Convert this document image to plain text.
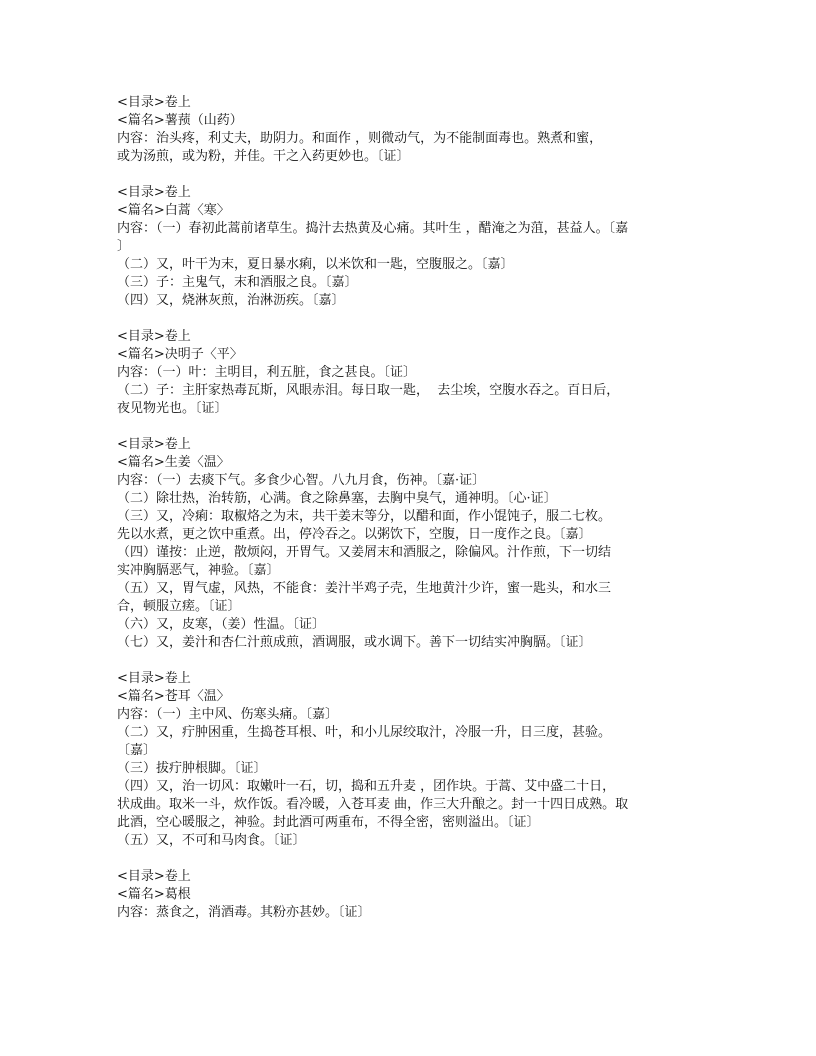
<目录>卷上
<篇名>薯蓣（山药）
内容：治头疼，利丈夫，助阴力。和面作 ，则微动气，为不能制面毒也。熟煮和蜜，
或为汤煎，或为粉，并佳。干之入药更妙也。〔证〕
<目录>卷上
<篇名>白蒿〈寒〉
内容：（一）春初此蒿前诸草生。捣汁去热黄及心痛。其叶生 ，醋淹之为菹，甚益人。〔嘉
〕
（二）又，叶干为末，夏日暴水痢，以米饮和一匙，空腹服之。〔嘉〕
（三）子：主鬼气，末和酒服之良。〔嘉〕
（四）又，烧淋灰煎，治淋沥疾。〔嘉〕
<目录>卷上
<篇名>决明子〈平〉
内容：（一）叶：主明目，利五脏，食之甚良。〔证〕
（二）子：主肝家热毒瓦斯，风眼赤泪。每日取一匙，  去尘埃，空腹水吞之。百日后，
夜见物光也。〔证〕
<目录>卷上
<篇名>生姜〈温〉
内容：（一）去痰下气。多食少心智。八九月食，伤神。〔嘉·证〕
（二）除壮热，治转筋，心满。食之除鼻塞，去胸中臭气，通神明。〔心·证〕
（三）又，冷痢：取椒烙之为末，共干姜末等分，以醋和面，作小馄饨子，服二七枚。
先以水煮，更之饮中重煮。出，停冷吞之。以粥饮下，空腹，日一度作之良。〔嘉〕
（四）谨按：止逆，散烦闷，开胃气。又姜屑末和酒服之，除偏风。汁作煎，下一切结
实冲胸膈恶气，神验。〔嘉〕
（五）又，胃气虚，风热，不能食：姜汁半鸡子壳，生地黄汁少许，蜜一匙头，和水三
合，顿服立瘥。〔证〕
（六）又，皮寒，（姜）性温。〔证〕
（七）又，姜汁和杏仁汁煎成煎，酒调服，或水调下。善下一切结实冲胸膈。〔证〕
<目录>卷上
<篇名>苍耳〈温〉
内容：（一）主中风、伤寒头痛。〔嘉〕
（二）又，疔肿困重，生捣苍耳根、叶，和小儿尿绞取汁，冷服一升，日三度，甚验。
〔嘉〕
（三）拔疔肿根脚。〔证〕
（四）又，治一切风：取嫩叶一石，切，捣和五升麦 ，团作块。于蒿、艾中盛二十日，
状成曲。取米一斗，炊作饭。看冷暖，入苍耳麦 曲，作三大升酿之。封一十四日成熟。取
此酒，空心暖服之，神验。封此酒可两重布，不得全密，密则溢出。〔证〕
（五）又，不可和马肉食。〔证〕
<目录>卷上
<篇名>葛根
内容：蒸食之，消酒毒。其粉亦甚妙。〔证〕
